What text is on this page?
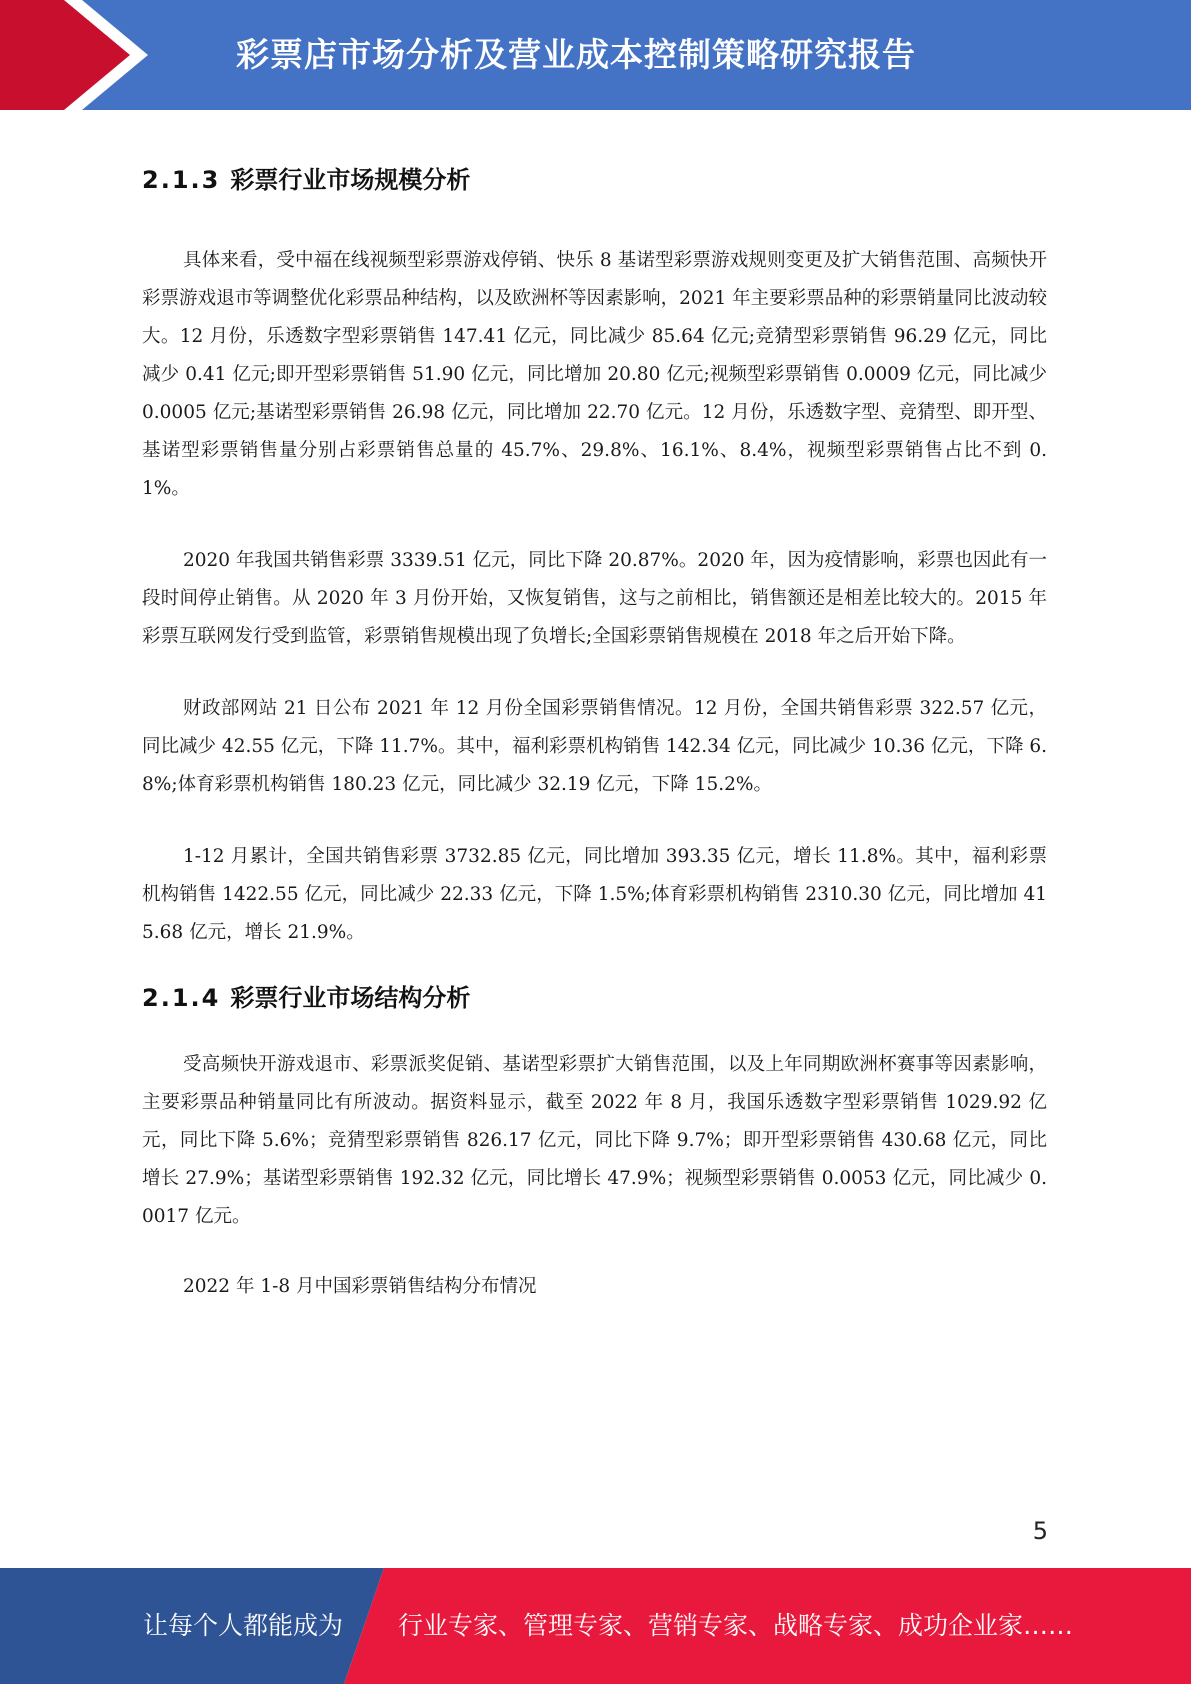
彩票店市场分析及营业成本控制策略研究报告
2.1.3 彩票行业市场规模分析

具体来看，受中福在线视频型彩票游戏停销、快乐 8 基诺型彩票游戏规则变更及扩大销售范围、高频快开彩票游戏退市等调整优化彩票品种结构，以及欧洲杯等因素影响，2021 年主要彩票品种的彩票销量同比波动较大。12 月份，乐透数字型彩票销售 147.41 亿元，同比减少 85.64 亿元;竞猜型彩票销售 96.29 亿元，同比减少 0.41 亿元;即开型彩票销售 51.90 亿元，同比增加 20.80 亿元;视频型彩票销售 0.0009 亿元，同比减少 0.0005 亿元;基诺型彩票销售 26.98 亿元，同比增加 22.70 亿元。12 月份，乐透数字型、竞猜型、即开型、基诺型彩票销售量分别占彩票销售总量的 45.7%、29.8%、16.1%、8.4%，视频型彩票销售占比不到 0.1%。

2020 年我国共销售彩票 3339.51 亿元，同比下降 20.87%。2020 年，因为疫情影响，彩票也因此有一段时间停止销售。从 2020 年 3 月份开始，又恢复销售，这与之前相比，销售额还是相差比较大的。2015 年彩票互联网发行受到监管，彩票销售规模出现了负增长;全国彩票销售规模在 2018 年之后开始下降。

财政部网站 21 日公布 2021 年 12 月份全国彩票销售情况。12 月份，全国共销售彩票 322.57 亿元，同比减少 42.55 亿元，下降 11.7%。其中，福利彩票机构销售 142.34 亿元，同比减少 10.36 亿元，下降 6.8%;体育彩票机构销售 180.23 亿元，同比减少 32.19 亿元，下降 15.2%。

1-12 月累计，全国共销售彩票 3732.85 亿元，同比增加 393.35 亿元，增长 11.8%。其中，福利彩票机构销售 1422.55 亿元，同比减少 22.33 亿元，下降 1.5%;体育彩票机构销售 2310.30 亿元，同比增加 415.68 亿元，增长 21.9%。

2.1.4 彩票行业市场结构分析

受高频快开游戏退市、彩票派奖促销、基诺型彩票扩大销售范围，以及上年同期欧洲杯赛事等因素影响，主要彩票品种销量同比有所波动。据资料显示，截至 2022 年 8 月，我国乐透数字型彩票销售 1029.92 亿元，同比下降 5.6%；竞猜型彩票销售 826.17 亿元，同比下降 9.7%；即开型彩票销售 430.68 亿元，同比增长 27.9%；基诺型彩票销售 192.32 亿元，同比增长 47.9%；视频型彩票销售 0.0053 亿元，同比减少 0.0017 亿元。

2022 年 1-8 月中国彩票销售结构分布情况

5
让每个人都能成为 行业专家、管理专家、营销专家、战略专家、成功企业家……
